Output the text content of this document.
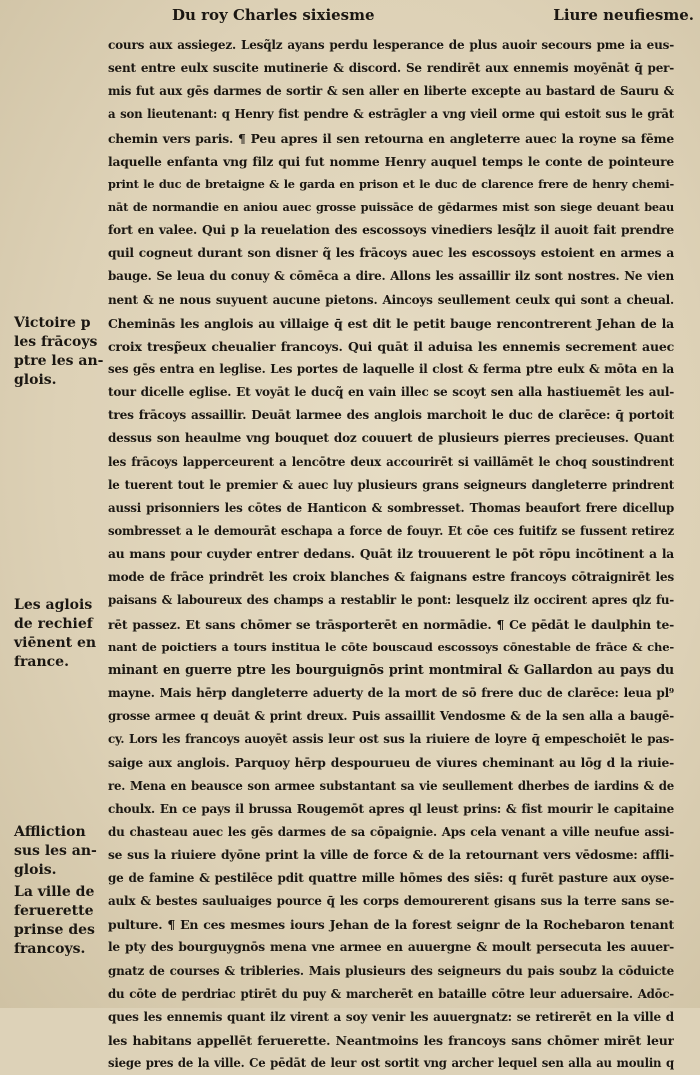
Du roy Charles sixiesme	Liure neufiesme.
cours aux assiegez. Lesq̃lz ayans perdu lesperance de plus auoir secours pme ia eus-
sent entre eulx suscite mutinerie & discord. Se rendirēt aux ennemis moyēnāt q̄ per-
mis fut aux gēs darmes de sortir & sen aller en liberte excepte au bastard de Sauru &
a son lieutenant: q Henry fist pendre & estrāgler a vng vieil orme qui estoit sus le grāt
chemin vers paris. ¶ Peu apres il sen retourna en angleterre auec la royne sa fēme
laquelle enfanta vng filz qui fut nomme Henry auquel temps le conte de pointeure
print le duc de bretaigne & le garda en prison et le duc de clarence frere de henry chemi-
nāt de normandie en aniou auec grosse puissāce de gēdarmes mist son siege deuant beau
fort en valee. Qui p la reuelation des escossoys vinediers lesq̃lz il auoit fait prendre
quil cogneut durant son disner q̃ les frācoys auec les escossoys estoient en armes a
bauge. Se leua du conuy & cōmēca a dire. Allons les assaillir ilz sont nostres. Ne vien
nent & ne nous suyuent aucune pietons. Aincoys seullement ceulx qui sont a cheual.
Cheminās les anglois au villaige q̄ est dit le petit bauge rencontrerent Jehan de la
croix tresp̃eux cheualier francoys. Qui quāt il aduisa les ennemis secrement auec
ses gēs entra en leglise. Les portes de laquelle il clost & ferma ptre eulx & mōta en la
tour dicelle eglise. Et voyāt le ducq̃ en vain illec se scoyt sen alla hastiuemēt les aul-
tres frācoys assaillir. Deuāt larmee des anglois marchoit le duc de clarēce: q̄ portoit
dessus son heaulme vng bouquet doz couuert de plusieurs pierres precieuses. Quant
les frācoys lapperceurent a lencōtre deux accourirēt si vaillāmēt le choq soustindrent
le tuerent tout le premier & auec luy plusieurs grans seigneurs dangleterre prindrent
aussi prisonniers les cōtes de Hanticon & sombresset. Thomas beaufort frere dicellup
sombresset a le demourāt eschapa a force de fouyr. Et cōe ces fuitifz se fussent retirez
au mans pour cuyder entrer dedans. Quāt ilz trouuerent le pōt rōpu incōtinent a la
mode de frāce prindrēt les croix blanches & faignans estre francoys cōtraignirēt les
paisans & laboureux des champs a restablir le pont: lesquelz ilz occirent apres qlz fu-
rēt passez. Et sans chōmer se trāsporterēt en normādie. ¶ Ce pēdāt le daulphin te-
nant de poictiers a tours institua le cōte bouscaud escossoys cōnestable de frāce & che-
minant en guerre ptre les bourguignōs print montmiral & Gallardon au pays du
mayne. Mais hērp dangleterre aduerty de la mort de sō frere duc de clarēce: leua pl⁹
grosse armee q deuāt & print dreux. Puis assaillit Vendosme & de la sen alla a baugē-
cy. Lors les francoys auoyēt assis leur ost sus la riuiere de loyre q̄ empeschoiēt le pas-
saige aux anglois. Parquoy hērp despourueu de viures cheminant au lōg d la riuie-
re. Mena en beausce son armee substantant sa vie seullement dherbes de iardins & de
choulx. En ce pays il brussa Rougemōt apres ql leust prins: & fist mourir le capitaine
du chasteau auec les gēs darmes de sa cōpaignie. Aps cela venant a ville neufue assi-
se sus la riuiere dyōne print la ville de force & de la retournant vers vēdosme: affli-
ge de famine & pestilēce pdit quattre mille hōmes des siēs: q furēt pasture aux oyse-
aulx & bestes sauluaiges pource q̄ les corps demourerent gisans sus la terre sans se-
pulture. ¶ En ces mesmes iours Jehan de la forest seignr de la Rochebaron tenant
le pty des bourguygnōs mena vne armee en auuergne & moult persecuta les auuer-
gnatz de courses & tribleries. Mais plusieurs des seigneurs du pais soubz la cōduicte
du cōte de perdriac ptirēt du puy & marcherēt en bataille cōtre leur aduersaire. Adōc-
ques les ennemis quant ilz virent a soy venir les auuergnatz: se retirerēt en la ville d
les habitans appellēt feruerette. Neantmoins les francoys sans chōmer mirēt leur
siege pres de la ville. Ce pēdāt de leur ost sortit vng archer lequel sen alla au moulin q
Victoire p
les frācoys
ptre les an-
glois.
Les aglois
de rechief
viēnent en
france.
Affliction
sus les an-
glois.
La ville de
feruerette
prinse des
francoys.
